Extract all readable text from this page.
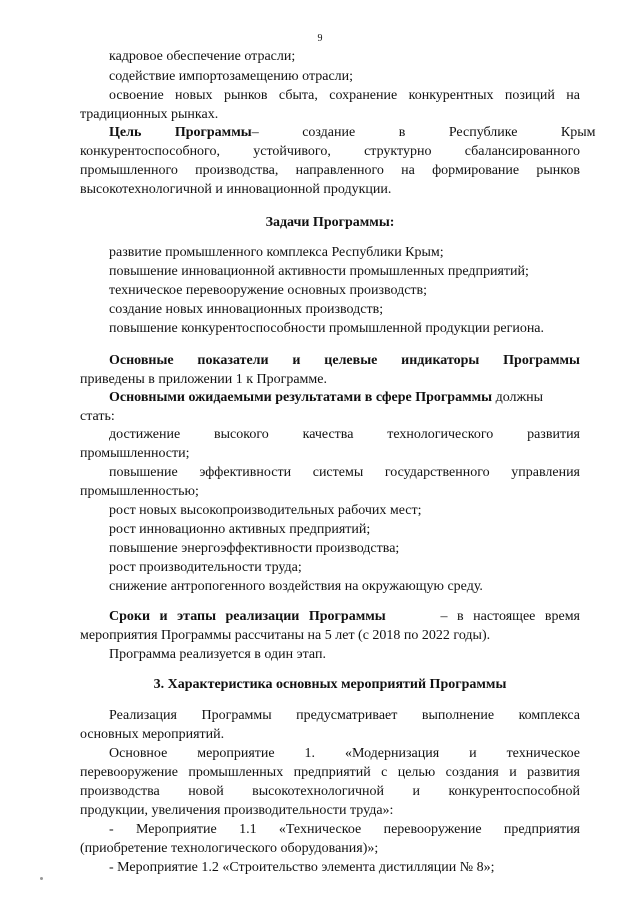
9
кадровое обеспечение отрасли;
содействие импортозамещению отрасли;
освоение новых рынков сбыта, сохранение конкурентных позиций на
традиционных рынках.
Цель Программы – создание в Республике Крым
конкурентоспособного, устойчивого, структурно сбалансированного
промышленного производства, направленного на формирование рынков
высокотехнологичной и инновационной продукции.
Задачи Программы:
развитие промышленного комплекса Республики Крым;
повышение инновационной активности промышленных предприятий;
техническое перевооружение основных производств;
создание новых инновационных производств;
повышение конкурентоспособности промышленной продукции региона.
Основные показатели и целевые индикаторы Программы
приведены в приложении 1 к Программе.
Основными ожидаемыми результатами в сфере Программы должны
стать:
достижение высокого качества технологического развития
промышленности;
повышение эффективности системы государственного управления
промышленностью;
рост новых высокопроизводительных рабочих мест;
рост инновационно активных предприятий;
повышение энергоэффективности производства;
рост производительности труда;
снижение антропогенного воздействия на окружающую среду.
Сроки и этапы реализации Программы	– в настоящее время
мероприятия Программы рассчитаны на 5 лет (с 2018 по 2022 годы).
Программа реализуется в один этап.
3. Характеристика основных мероприятий Программы
Реализация Программы предусматривает выполнение комплекса
основных мероприятий.
Основное мероприятие 1. «Модернизация и техническое
перевооружение промышленных предприятий с целью создания и развития
производства новой высокотехнологичной и конкурентоспособной
продукции, увеличения производительности труда»:
- Мероприятие 1.1 «Техническое перевооружение предприятия
(приобретение технологического оборудования)»;
- Мероприятие 1.2 «Строительство элемента дистилляции № 8»;
